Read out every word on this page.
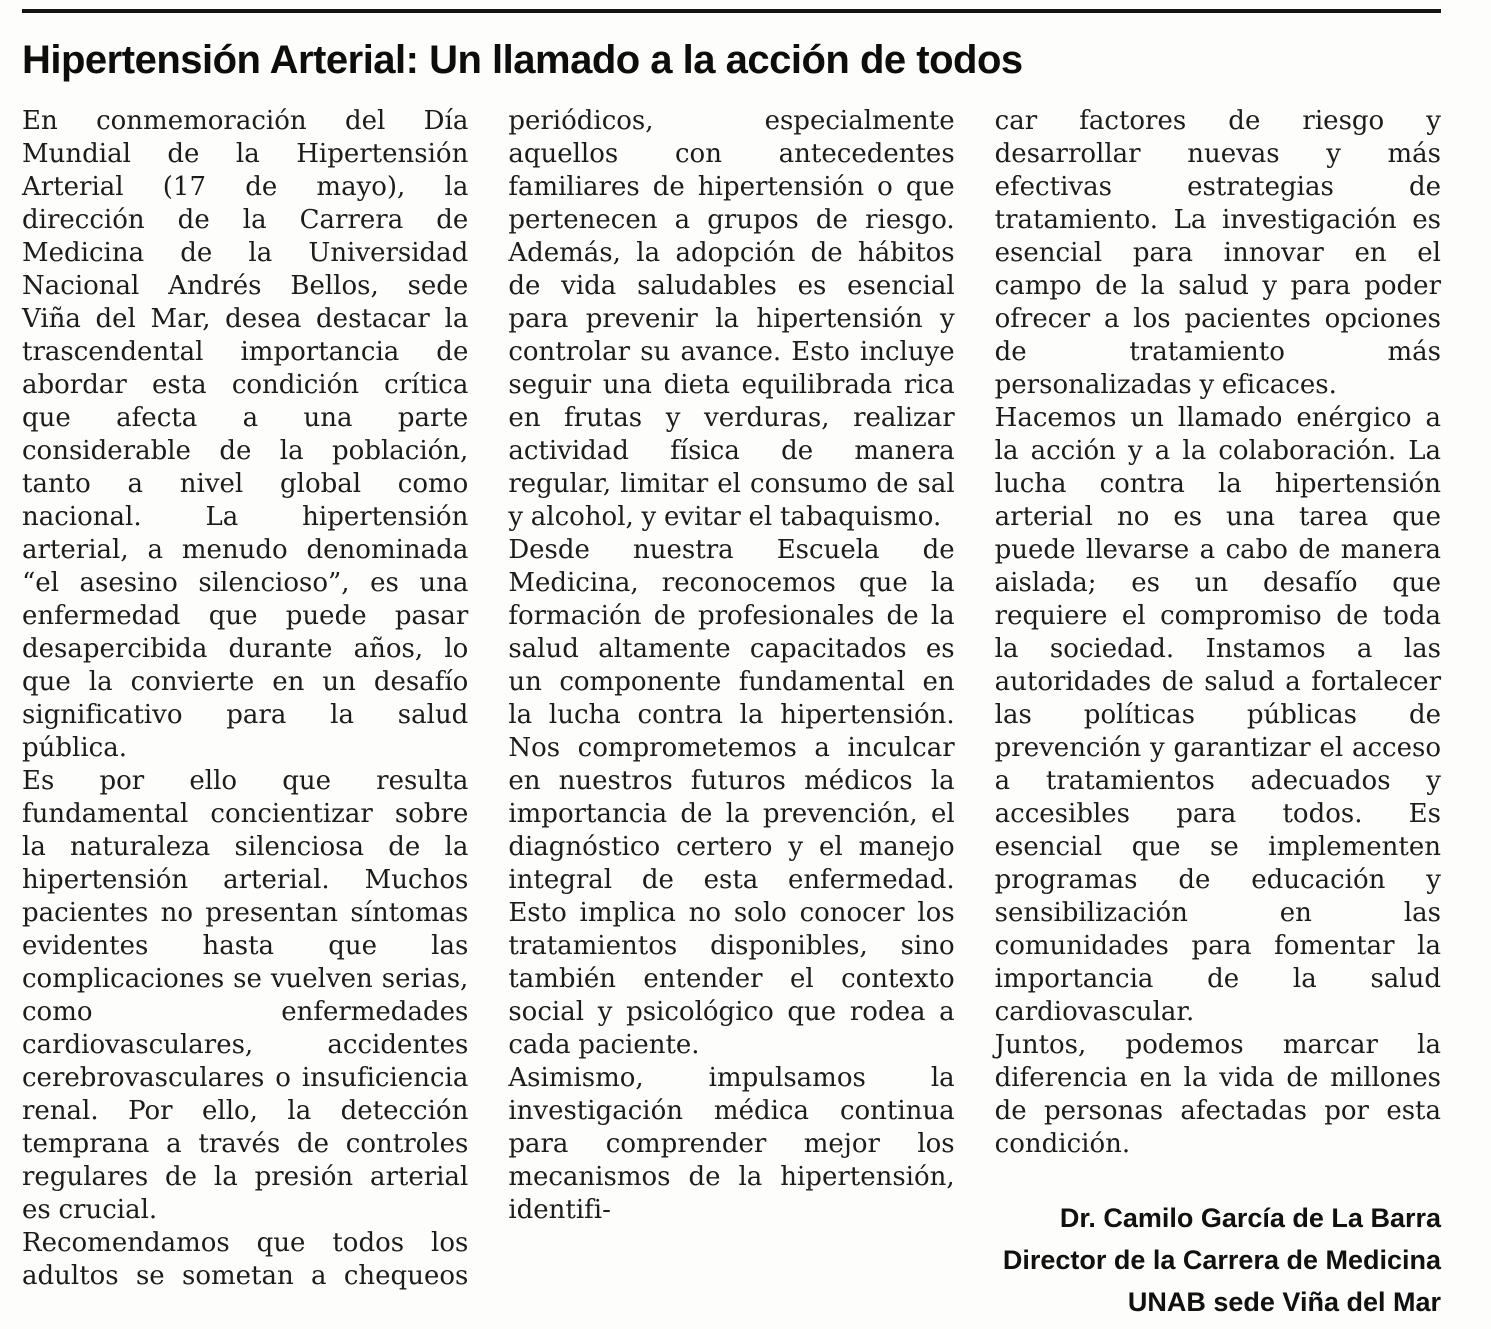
Hipertensión Arterial: Un llamado a la acción de todos

En conmemoración del Día Mundial de la Hipertensión Arterial (17 de mayo), la dirección de la Carrera de Medicina de la Universidad Nacional Andrés Bellos, sede Viña del Mar, desea destacar la trascendental importancia de abordar esta condición crítica que afecta a una parte considerable de la población, tanto a nivel global como nacional. La hipertensión arterial, a menudo denominada “el asesino silencioso”, es una enfermedad que puede pasar desapercibida durante años, lo que la convierte en un desafío significativo para la salud pública.

Es por ello que resulta fundamental concientizar sobre la naturaleza silenciosa de la hipertensión arterial. Muchos pacientes no presentan síntomas evidentes hasta que las complicaciones se vuelven serias, como enfermedades cardiovasculares, accidentes cerebrovasculares o insuficiencia renal. Por ello, la detección temprana a través de controles regulares de la presión arterial es crucial.

Recomendamos que todos los adultos se sometan a chequeos

periódicos, especialmente aquellos con antecedentes familiares de hipertensión o que pertenecen a grupos de riesgo. Además, la adopción de hábitos de vida saludables es esencial para prevenir la hipertensión y controlar su avance. Esto incluye seguir una dieta equilibrada rica en frutas y verduras, realizar actividad física de manera regular, limitar el consumo de sal y alcohol, y evitar el tabaquismo.

Desde nuestra Escuela de Medicina, reconocemos que la formación de profesionales de la salud altamente capacitados es un componente fundamental en la lucha contra la hipertensión. Nos comprometemos a inculcar en nuestros futuros médicos la importancia de la prevención, el diagnóstico certero y el manejo integral de esta enfermedad. Esto implica no solo conocer los tratamientos disponibles, sino también entender el contexto social y psicológico que rodea a cada paciente.

Asimismo, impulsamos la investigación médica continua para comprender mejor los mecanismos de la hipertensión, identifi-

car factores de riesgo y desarrollar nuevas y más efectivas estrategias de tratamiento. La investigación es esencial para innovar en el campo de la salud y para poder ofrecer a los pacientes opciones de tratamiento más personalizadas y eficaces.

Hacemos un llamado enérgico a la acción y a la colaboración. La lucha contra la hipertensión arterial no es una tarea que puede llevarse a cabo de manera aislada; es un desafío que requiere el compromiso de toda la sociedad. Instamos a las autoridades de salud a fortalecer las políticas públicas de prevención y garantizar el acceso a tratamientos adecuados y accesibles para todos. Es esencial que se implementen programas de educación y sensibilización en las comunidades para fomentar la importancia de la salud cardiovascular.

Juntos, podemos marcar la diferencia en la vida de millones de personas afectadas por esta condición.

Dr. Camilo García de La Barra
Director de la Carrera de Medicina
UNAB sede Viña del Mar
